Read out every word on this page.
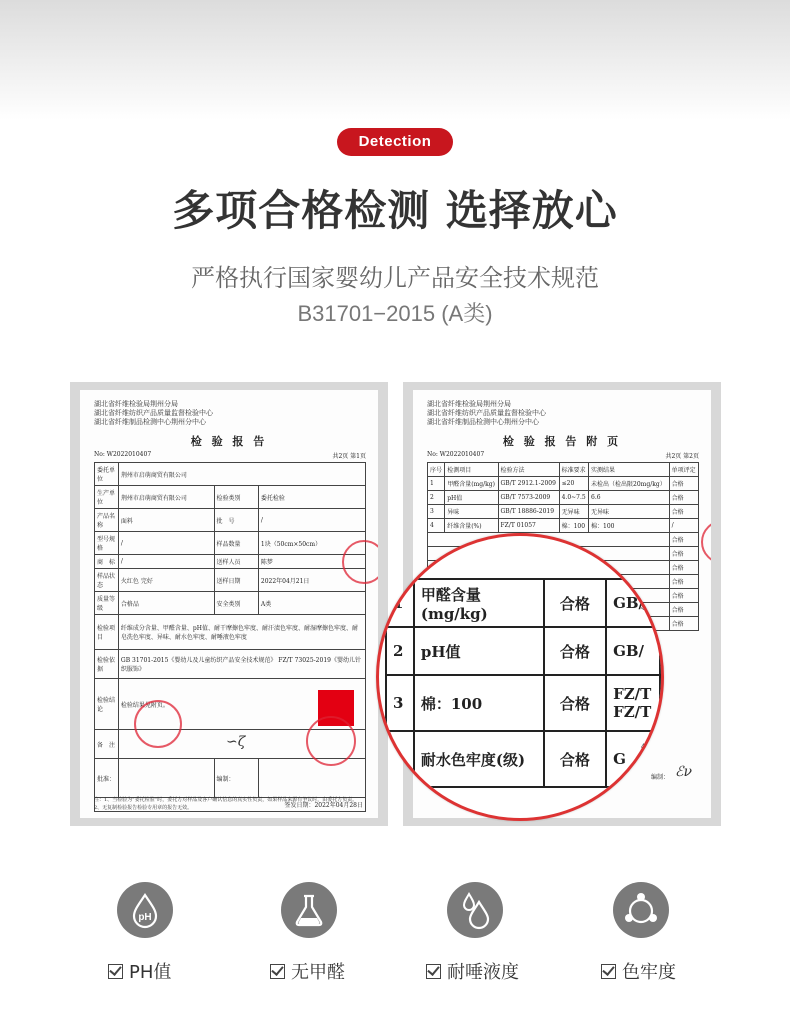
Detection
多项合格检测 选择放心
严格执行国家婴幼儿产品安全技术规范
B31701−2015 (A类)
湖北省纤维检验局荆州分局
湖北省纤维纺织产品质量监督检验中心
湖北省纤维制品检测中心荆州分中心
检 验 报 告
No: W2022010407	共2页 第1页
委托单位	荆州市启萌商贸有限公司		
生产单位	荆州市启萌商贸有限公司	检验类别	委托检验
产品名称	面料	批　号	/
型号规格	/	样品数量	1块（50cm×50cm）
商　标	/	送样人员	陈梦
样品状态	火红色 完好	送样日期	2022年04月21日
质量等级	合格品	安全类别	A类
检验项目	纤维成分含量、甲醛含量、pH值、耐干摩擦色牢度、耐汗渍色牢度、耐湿摩擦色牢度、耐皂洗色牢度、异味、耐水色牢度、耐唾液色牢度		
检验依据	GB 31701-2015《婴幼儿及儿童纺织产品安全技术规范》 FZ/T 73025-2019《婴幼儿针织服饰》		
检验结论	检验结果见附页。		
备　注			
批准：		编制：	
签发日期：2022年04月28日			
∽ζ
注：1、当检验为“委托检验”时，委托方对样品及客户确认信息的真实性负责，如果样品来源有争议时，由委托方负责。
2、无复制检验报告检验专用章的报告无效。
湖北省纤维检验局荆州分局
湖北省纤维纺织产品质量监督检验中心
湖北省纤维制品检测中心荆州分中心
检 验 报 告 附 页
No: W2022010407	共2页 第2页
序号	检测项目	检验方法	标准要求	实测结果	单项评定
1	甲醛含量(mg/kg)	GB/T 2912.1-2009	≤20	未检出（检出限20mg/kg）	合格
2	pH值	GB/T 7573-2009	4.0~7.5	6.6	合格
3	异味	GB/T 18886-2019	无异味	无异味	合格
4	纤维含量(%)	FZ/T 01057	棉：100	棉：100	/
					合格
					合格
					合格
					合格
					合格
					合格
					合格
编制： ℰν
1	甲醛含量(mg/kg)	合格	GB/
2	pH值	合格	GB/
3	棉：100	合格	FZ/T FZ/T
4	耐水色牢度(级)	合格	G
4-5
4-6
4-6
4-6
4-5
pH
PH值	无甲醛	耐唾液度	色牢度
